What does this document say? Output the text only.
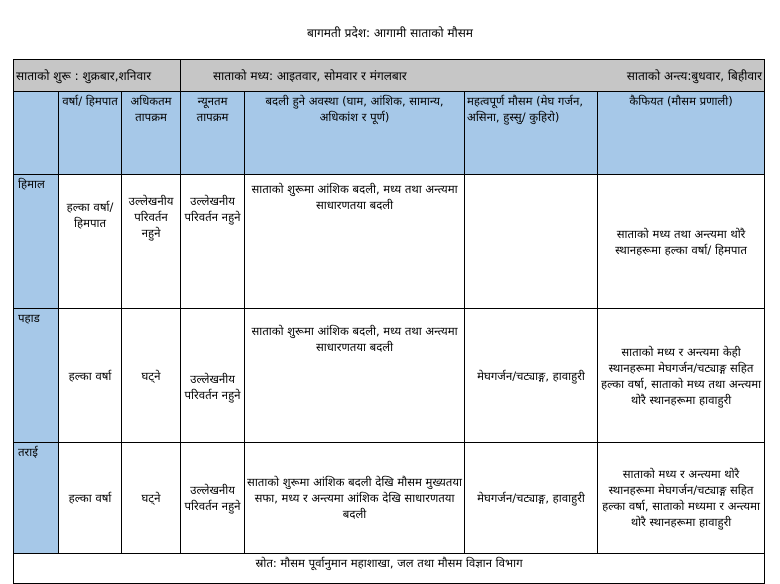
बागमती प्रदेश: आगामी साताको मौसम
साताको शुरू : शुक्रबार,शनिवार			साताको मध्य: आइतवार, सोमवार र मंगलबार साताको अन्त्य:बुधवार, बिहीवार			

	वर्षा/ हिमपात	अधिकतम तापक्रम	न्यूनतम तापक्रम	बदली हुने अवस्था (घाम, आंशिक, सामान्य, अधिकांश र पूर्ण)	महत्वपूर्ण मौसम (मेघ गर्जन, असिना, हुस्सु/ कुहिरो)	कैफियत (मौसम प्रणाली)
हिमाल	हल्का वर्षा/ हिमपात	उल्लेखनीय परिवर्तन नहुने	उल्लेखनीय परिवर्तन नहुने	साताको शुरूमा आंशिक बदली, मध्य तथा अन्त्यमा साधारणतया बदली		साताको मध्य तथा अन्त्यमा थोरै स्थानहरूमा हल्का वर्षा/ हिमपात
पहाड	हल्का वर्षा	घट्ने	उल्लेखनीय परिवर्तन नहुने	साताको शुरूमा आंशिक बदली, मध्य तथा अन्त्यमा साधारणतया बदली	मेघगर्जन/चट्याङ्ग, हावाहुरी	साताको मध्य र अन्त्यमा केही स्थानहरूमा मेघगर्जन/चट्याङ्ग सहित हल्का वर्षा, साताको मध्य तथा अन्त्यमा थोरै स्थानहरूमा हावाहुरी
तराई	हल्का वर्षा	घट्ने	उल्लेखनीय परिवर्तन नहुने	साताको शुरूमा आंशिक बदली देखि मौसम मुख्यतया सफा, मध्य र अन्त्यमा आंशिक देखि साधारणतया बदली	मेघगर्जन/चट्याङ्ग, हावाहुरी	साताको मध्य र अन्त्यमा थोरै स्थानहरूमा मेघगर्जन/चट्याङ्ग सहित हल्का वर्षा, साताको मध्यमा र अन्त्यमा थोरै स्थानहरूमा हावाहुरी
स्रोत: मौसम पूर्वानुमान महाशाखा, जल तथा मौसम विज्ञान विभाग						
